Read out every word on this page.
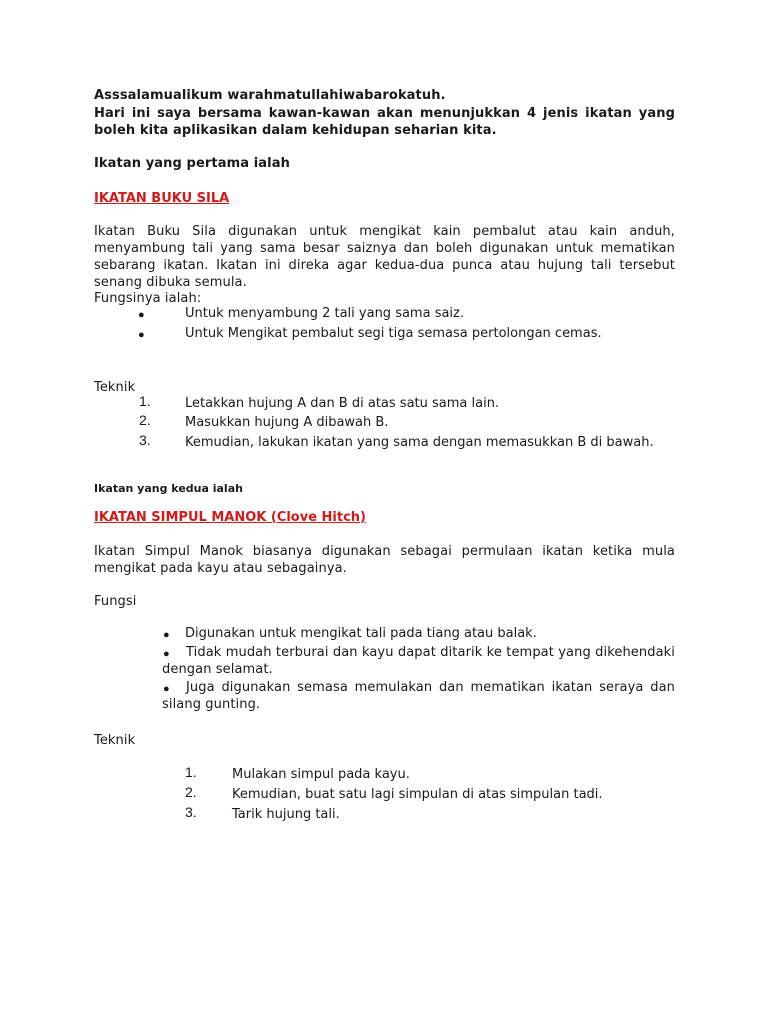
Asssalamualikum warahmatullahiwabarokatuh.
Hari ini saya bersama kawan-kawan akan menunjukkan 4 jenis ikatan yang boleh kita aplikasikan dalam kehidupan seharian kita.
Ikatan yang pertama ialah
IKATAN BUKU SILA
Ikatan Buku Sila digunakan untuk mengikat kain pembalut atau kain anduh, menyambung tali yang sama besar saiznya dan boleh digunakan untuk mematikan sebarang ikatan. Ikatan ini direka agar kedua-dua punca atau hujung tali tersebut senang dibuka semula.
Fungsinya ialah:
●	Untuk menyambung 2 tali yang sama saiz.
●	Untuk Mengikat pembalut segi tiga semasa pertolongan cemas.
Teknik
1.	Letakkan hujung A dan B di atas satu sama lain.
2.	Masukkan hujung A dibawah B.
3.	Kemudian, lakukan ikatan yang sama dengan memasukkan B di bawah.
Ikatan yang kedua ialah
IKATAN SIMPUL MANOK (Clove Hitch)
Ikatan Simpul Manok biasanya digunakan sebagai permulaan ikatan ketika mula mengikat pada kayu atau sebagainya.
Fungsi
● Digunakan untuk mengikat tali pada tiang atau balak.
●	Tidak mudah terburai dan kayu dapat ditarik ke tempat yang dikehendaki dengan selamat.
●	Juga digunakan semasa memulakan dan mematikan ikatan seraya dan silang gunting.
Teknik
1.	Mulakan simpul pada kayu.
2.	Kemudian, buat satu lagi simpulan di atas simpulan tadi.
3.	Tarik hujung tali.
